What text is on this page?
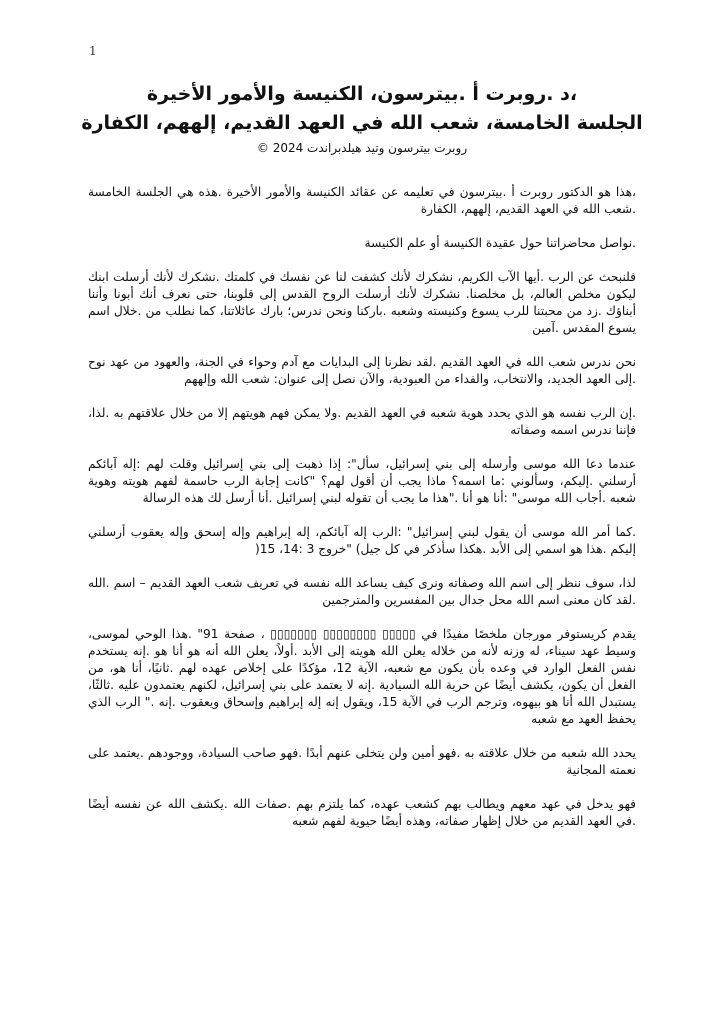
1
،د .روبرت أ .بيترسون، الكنيسة والأمور الأخيرة
الجلسة الخامسة، شعب الله في العهد القديم، إلههم، الكفارة
روبرت بيترسون وتيد هيلدبراندت 2024 ©

،هذا هو الدكتور روبرت أ .بيترسون في تعليمه عن عقائد الكنيسة والأمور الأخيرة .هذه هي الجلسة الخامسة .شعب الله في العهد القديم، إلههم، الكفارة

.نواصل محاضراتنا حول عقيدة الكنيسة أو علم الكنيسة

فلنبحث عن الرب .أيها الآب الكريم، نشكرك لأنك كشفت لنا عن نفسك في كلمتك .نشكرك لأنك أرسلت ابنك ليكون مخلص العالم، بل مخلصنا. نشكرك لأنك أرسلت الروح القدس إلى قلوبنا، حتى نعرف أنك أبونا وأننا أبناؤك .زد من محبتنا للرب يسوع وكنيسته وشعبه .باركنا ونحن ندرس؛ بارك عائلاتنا، كما نطلب من .خلال اسم يسوع المقدس .آمين

نحن ندرس شعب الله في العهد القديم .لقد نظرنا إلى البدايات مع آدم وحواء في الجنة، والعهود من عهد نوح .إلى العهد الجديد، والانتخاب، والفداء من العبودية، والآن نصل إلى عنوان: شعب الله وإلههم

.إن الرب نفسه هو الذي يحدد هوية شعبه في العهد القديم .ولا يمكن فهم هويتهم إلا من خلال علاقتهم به .لذا، فإننا ندرس اسمه وصفاته

عندما دعا الله موسى وأرسله إلى بني إسرائيل، سأل": إذا ذهبت إلى بني إسرائيل وقلت لهم :إله آبائكم أرسلني .إليكم، وسألوني :ما اسمه؟ ماذا يجب أن أقول لهم؟ "كانت إجابة الرب حاسمة لفهم هويته وهوية شعبه .أجاب الله موسى" :أنا هو أنا ."هذا ما يجب أن تقوله لبني إسرائيل .أنا أرسل لك هذه الرسالة

.كما أمر الله موسى أن يقول لبني إسرائيل" :الرب إله آبائكم، إله إبراهيم وإله إسحق وإله يعقوب أرسلني إليكم .هذا هو اسمي إلى الأبد .هكذا سأذكر في كل جيل) "خروج 3 :14، 15(

لذا، سوف ننظر إلى اسم الله وصفاته ونرى كيف يساعد الله نفسه في تعريف شعب العهد القديم – اسم .الله .لقد كان معنى اسم الله محل جدال بين المفسرين والمترجمين

يقدم كريستوفر مورجان ملخصًا مفيدًا في ▯▯▯▯▯ ▯▯▯▯▯▯▯▯ ▯▯▯▯▯▯▯ ، صفحة 91" .هذا الوحي لموسى، وسيط عهد سيناء، له وزنه لأنه من خلاله يعلن الله هويته إلى الأبد .أولاً، يعلن الله أنه هو أنا هو .إنه يستخدم نفس الفعل الوارد في وعده بأن يكون مع شعبه، الآية 12، مؤكدًا على إخلاص عهده لهم .ثانيًا، أنا هو، من الفعل أن يكون، يكشف أيضًا عن حرية الله السيادية .إنه لا يعتمد على بني إسرائيل، لكنهم يعتمدون عليه .ثالثًا، يستبدل الله أنا هو بيهوه، وترجم الرب في الآية 15، ويقول إنه إله إبراهيم وإسحاق ويعقوب .إنه ." الرب الذي يحفظ العهد مع شعبه

يحدد الله شعبه من خلال علاقته به .فهو أمين ولن يتخلى عنهم أبدًا .فهو صاحب السيادة، ووجودهم .يعتمد على نعمته المجانية

فهو يدخل في عهد معهم ويطالب بهم كشعب عهده، كما يلتزم بهم .صفات الله .يكشف الله عن نفسه أيضًا .في العهد القديم من خلال إظهار صفاته، وهذه أيضًا حيوية لفهم شعبه
